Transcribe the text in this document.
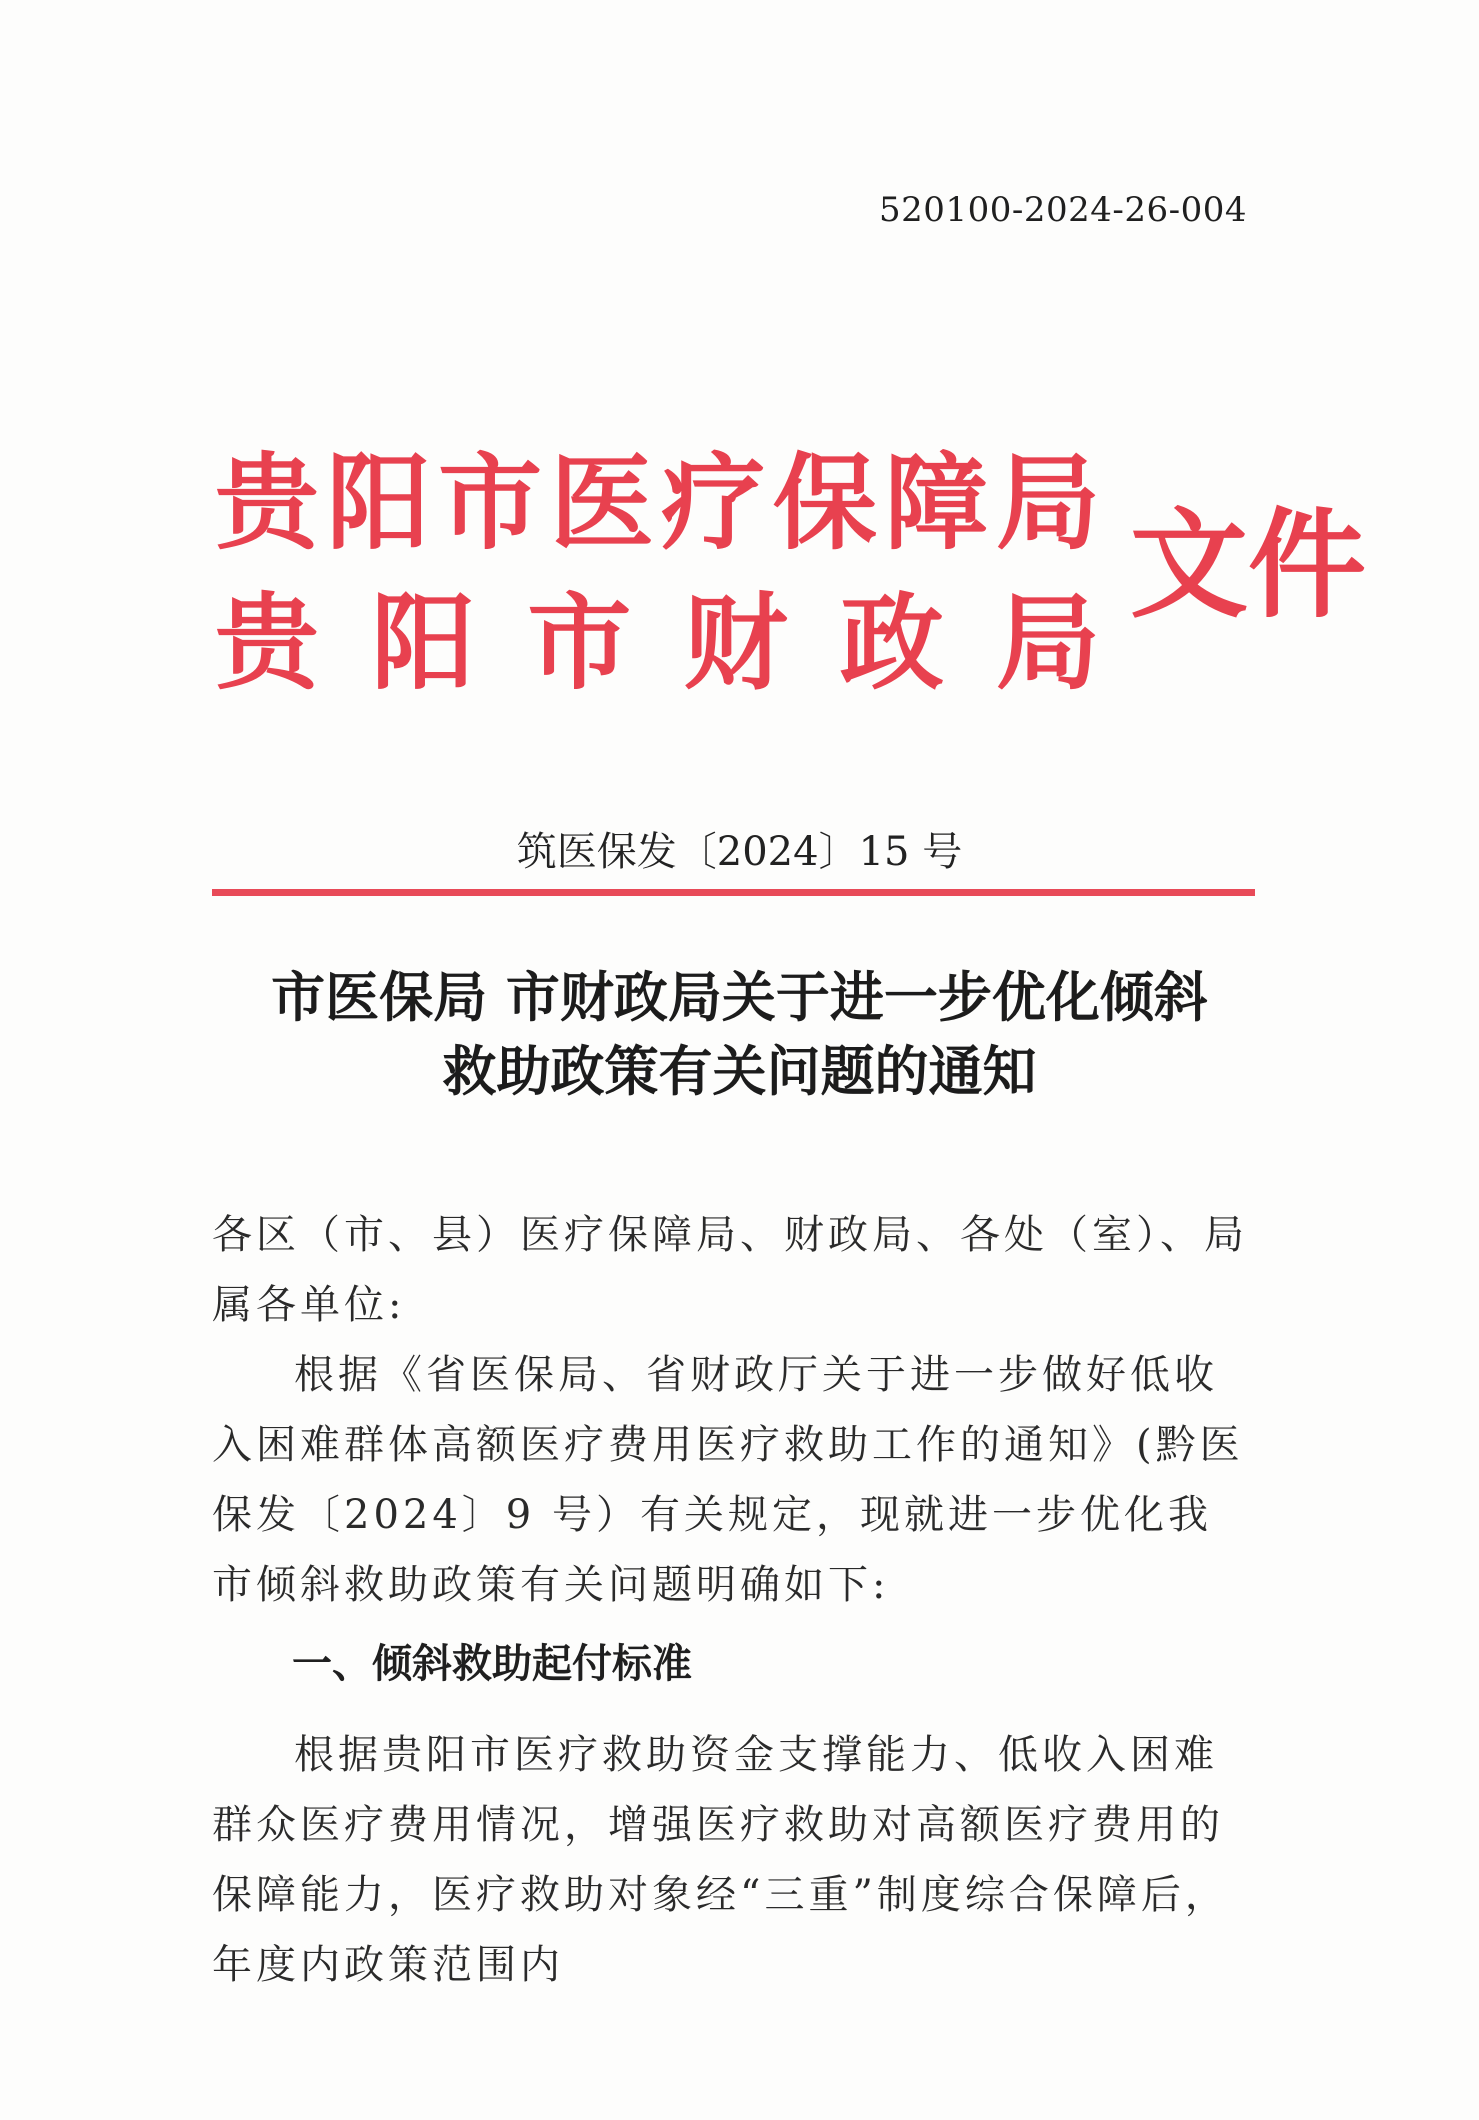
520100-2024-26-004
贵 阳 市 医 疗 保 障 局
贵 阳 市 财 政 局
文件
筑医保发〔2024〕15 号
市医保局 市财政局关于进一步优化倾斜
救助政策有关问题的通知
各区（市、县）医疗保障局、财政局、各处（室）、局属各单位:
根据《省医保局、省财政厅关于进一步做好低收入困难群体高额医疗费用医疗救助工作的通知》(黔医保发〔2024〕9 号）有关规定，现就进一步优化我市倾斜救助政策有关问题明确如下:
一、倾斜救助起付标准
根据贵阳市医疗救助资金支撑能力、低收入困难群众医疗费用情况，增强医疗救助对高额医疗费用的保障能力，医疗救助对象经“三重”制度综合保障后，年度内政策范围内
